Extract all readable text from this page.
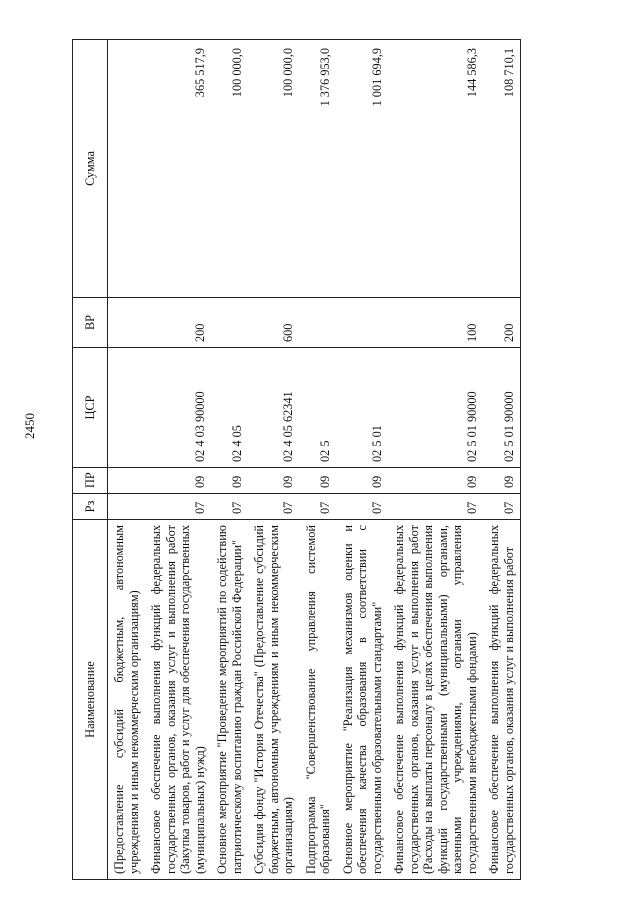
2450
Наименование	Рз	ПР	ЦСР	ВР	Сумма
(Предоставление субсидий бюджетным, автономным учреждениям и иным некоммерческим организациям)					
Финансовое обеспечение выполнения функций федеральных государственных органов, оказания услуг и выполнения работ (Закупка товаров, работ и услуг для обеспечения государственных (муниципальных) нужд)	07	09	02 4 03 90000	200	365 517,9
Основное мероприятие "Проведение мероприятий по содействию патриотическому воспитанию граждан Российской Федерации"	07	09	02 4 05		100 000,0
Субсидия фонду "История Отечества" (Предоставление субсидий бюджетным, автономным учреждениям и иным некоммерческим организациям)	07	09	02 4 05 62341	600	100 000,0
Подпрограмма "Совершенствование управления системой образования"	07	09	02 5		1 376 953,0
Основное мероприятие "Реализация механизмов оценки и обеспечения качества образования в соответствии с государственными образовательными стандартами"	07	09	02 5 01		1 001 694,9
Финансовое обеспечение выполнения функций федеральных государственных органов, оказания услуг и выполнения работ (Расходы на выплаты персоналу в целях обеспечения выполнения функций государственными (муниципальными) органами, казенными учреждениями, органами управления государственными внебюджетными фондами)	07	09	02 5 01 90000	100	144 586,3
Финансовое обеспечение выполнения функций федеральных государственных органов, оказания услуг и выполнения работ	07	09	02 5 01 90000	200	108 710,1
